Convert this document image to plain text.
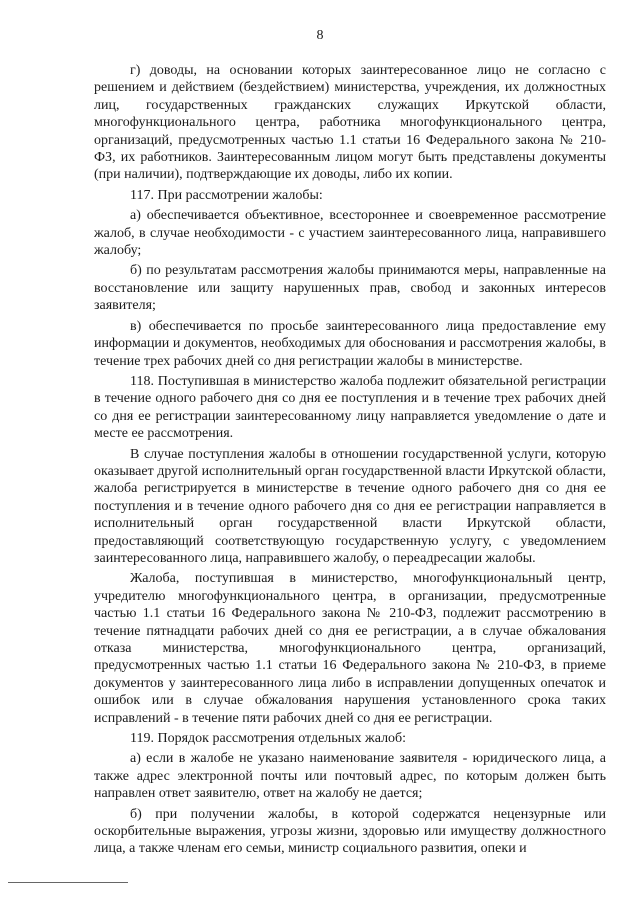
8

г) доводы, на основании которых заинтересованное лицо не согласно с решением и действием (бездействием) министерства, учреждения, их должностных лиц, государственных гражданских служащих Иркутской области, многофункционального центра, работника многофункционального центра, организаций, предусмотренных частью 1.1 статьи 16 Федерального закона № 210-ФЗ, их работников. Заинтересованным лицом могут быть представлены документы (при наличии), подтверждающие их доводы, либо их копии.

117. При рассмотрении жалобы:

а) обеспечивается объективное, всестороннее и своевременное рассмотрение жалоб, в случае необходимости - с участием заинтересованного лица, направившего жалобу;

б) по результатам рассмотрения жалобы принимаются меры, направленные на восстановление или защиту нарушенных прав, свобод и законных интересов заявителя;

в) обеспечивается по просьбе заинтересованного лица предоставление ему информации и документов, необходимых для обоснования и рассмотрения жалобы, в течение трех рабочих дней со дня регистрации жалобы в министерстве.

118. Поступившая в министерство жалоба подлежит обязательной регистрации в течение одного рабочего дня со дня ее поступления и в течение трех рабочих дней со дня ее регистрации заинтересованному лицу направляется уведомление о дате и месте ее рассмотрения.

В случае поступления жалобы в отношении государственной услуги, которую оказывает другой исполнительный орган государственной власти Иркутской области, жалоба регистрируется в министерстве в течение одного рабочего дня со дня ее поступления и в течение одного рабочего дня со дня ее регистрации направляется в исполнительный орган государственной власти Иркутской области, предоставляющий соответствующую государственную услугу, с уведомлением заинтересованного лица, направившего жалобу, о переадресации жалобы.

Жалоба, поступившая в министерство, многофункциональный центр, учредителю многофункционального центра, в организации, предусмотренные частью 1.1 статьи 16 Федерального закона № 210-ФЗ, подлежит рассмотрению в течение пятнадцати рабочих дней со дня ее регистрации, а в случае обжалования отказа министерства, многофункционального центра, организаций, предусмотренных частью 1.1 статьи 16 Федерального закона № 210-ФЗ, в приеме документов у заинтересованного лица либо в исправлении допущенных опечаток и ошибок или в случае обжалования нарушения установленного срока таких исправлений - в течение пяти рабочих дней со дня ее регистрации.

119. Порядок рассмотрения отдельных жалоб:

а) если в жалобе не указано наименование заявителя - юридического лица, а также адрес электронной почты или почтовый адрес, по которым должен быть направлен ответ заявителю, ответ на жалобу не дается;

б) при получении жалобы, в которой содержатся нецензурные или оскорбительные выражения, угрозы жизни, здоровью или имуществу должностного лица, а также членам его семьи, министр социального развития, опеки и
